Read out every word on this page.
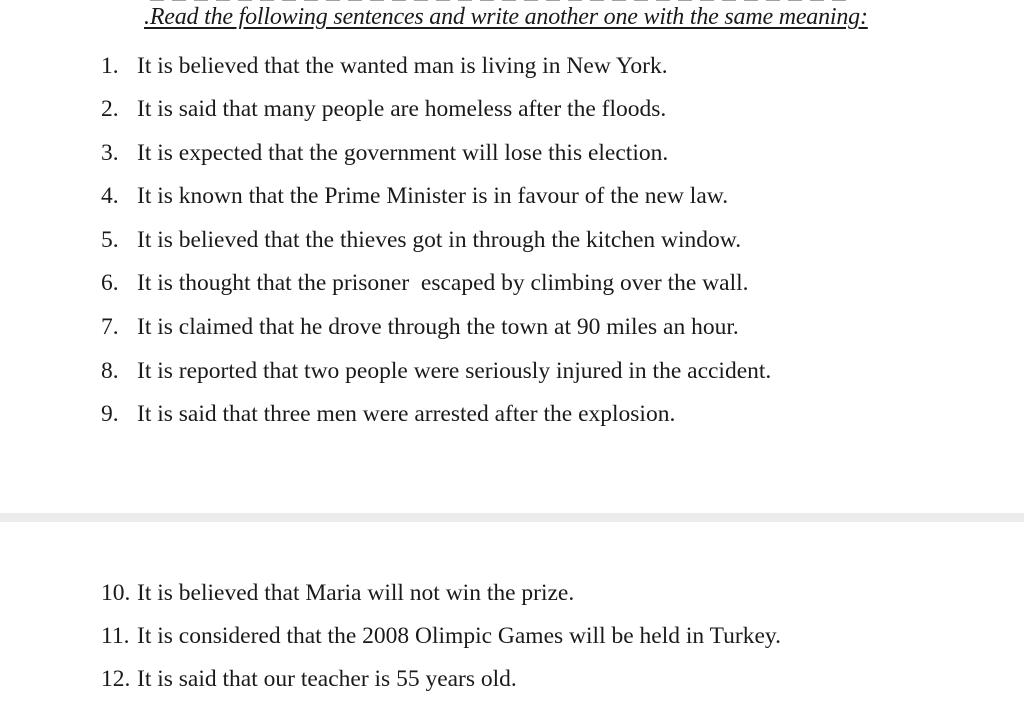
.Read the following sentences and write another one with the same meaning:
1. It is believed that the wanted man is living in New York.
2. It is said that many people are homeless after the floods.
3. It is expected that the government will lose this election.
4. It is known that the Prime Minister is in favour of the new law.
5. It is believed that the thieves got in through the kitchen window.
6. It is thought that the prisoner  escaped by climbing over the wall.
7. It is claimed that he drove through the town at 90 miles an hour.
8. It is reported that two people were seriously injured in the accident.
9. It is said that three men were arrested after the explosion.
10. It is believed that Maria will not win the prize.
11. It is considered that the 2008 Olimpic Games will be held in Turkey.
12. It is said that our teacher is 55 years old.
